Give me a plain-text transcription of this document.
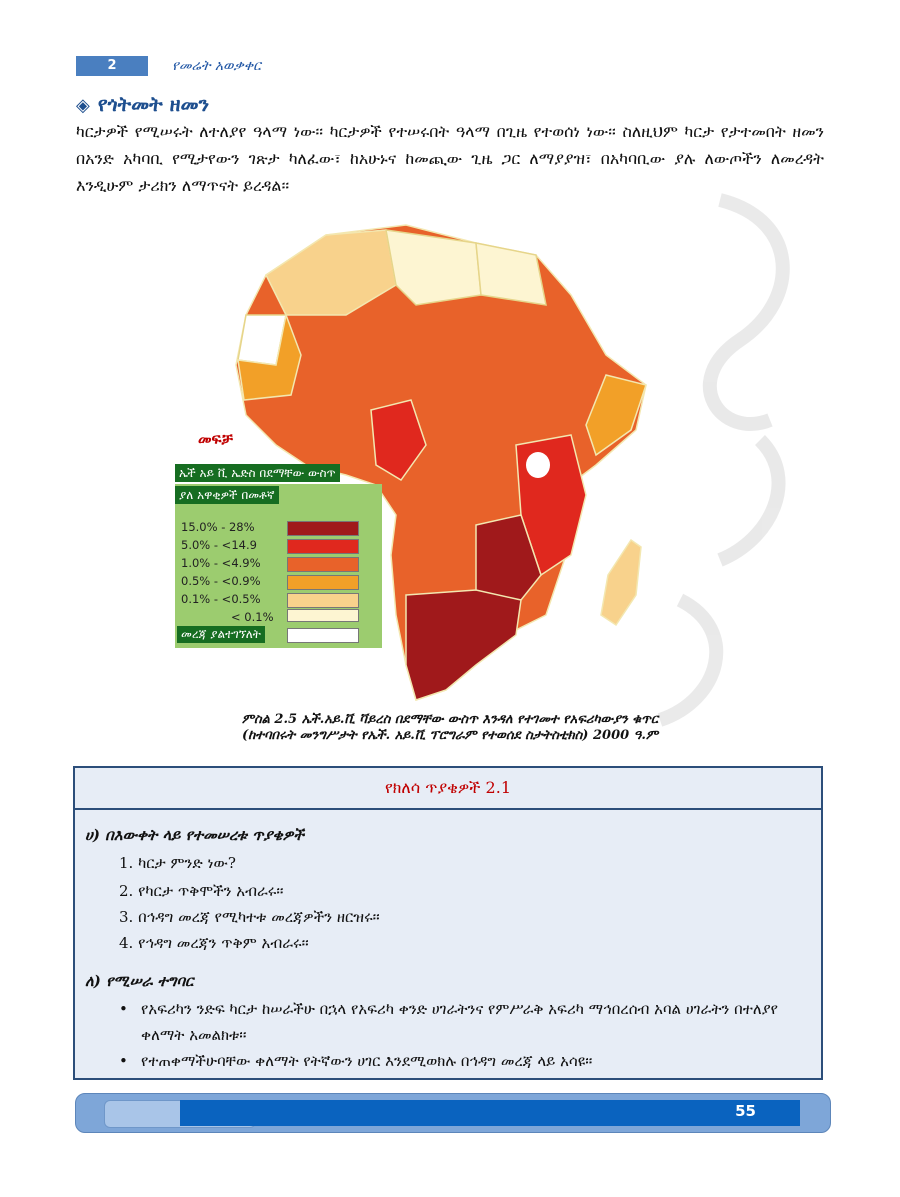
2	የመሬት አወቃቀር
◈ የጎትመት ዘመን
ካርታዎች የሚሠሩት ለተለያየ ዓላማ ነው፡፡ ካርታዎች የተሠሩበት ዓላማ በጊዜ የተወሰነ ነው፡፡ ስለዚህም ካርታ የታተመበት ዘመን በአንድ አካባቢ የሚታየውን ገጽታ ካለፈው፣ ከአሁኑና ከመጪው ጊዜ ጋር ለማያያዝ፣ በአካባቢው ያሉ ለውጦችን ለመረዳት እንዲሁም ታሪክን ለማጥናት ይረዳል፡፡
መፍቻ
ኤች አይ ቪ ኤድስ በደማቸው ውስጥ
ያለ አዋቂዎች በመቶኛ
15.0% - 28%
5.0% - <14.9
1.0% - <4.9%
0.5% - <0.9%
0.1% - <0.5%
< 0.1%
መረጃ ያልተገኘለት
ምስል 2.5 ኤች.አይ.ቪ ቫይረስ በደማቸው ውስጥ እንዳለ የተገመተ የአፍሪካውያን ቁጥር
(ከተባበሩት መንግሥታት የኤች. አይ.ቪ ፕሮግራም የተወሰደ ስታትስቲክስ) 2000 ዓ.ም
የክለሳ ጥያቄዎች 2.1
ሀ) በእውቀት ላይ የተመሠረቱ ጥያቄዎች
1. ካርታ ምንድ ነው?
2. የካርታ ጥቅሞችን አብራሩ፡፡
3. በኅዳግ መረጃ የሚካተቱ መረጃዎችን ዘርዝሩ፡፡
4. የኅዳግ መረጃን ጥቅም አብራሩ፡፡
ለ) የሚሠራ ተግባር
• የአፍሪካን ንድፍ ካርታ ከሠራችሁ በኋላ የአፍሪካ ቀንድ ሀገራትንና የምሥራቅ አፍሪካ ማኅበረሰብ አባል ሀገራትን በተለያየ ቀለማት አመልክቱ፡፡
• የተጠቀማችሁባቸው ቀለማት የትኛውን ሀገር እንደሚወክሉ በኅዳግ መረጃ ላይ አሳዩ፡፡
55
